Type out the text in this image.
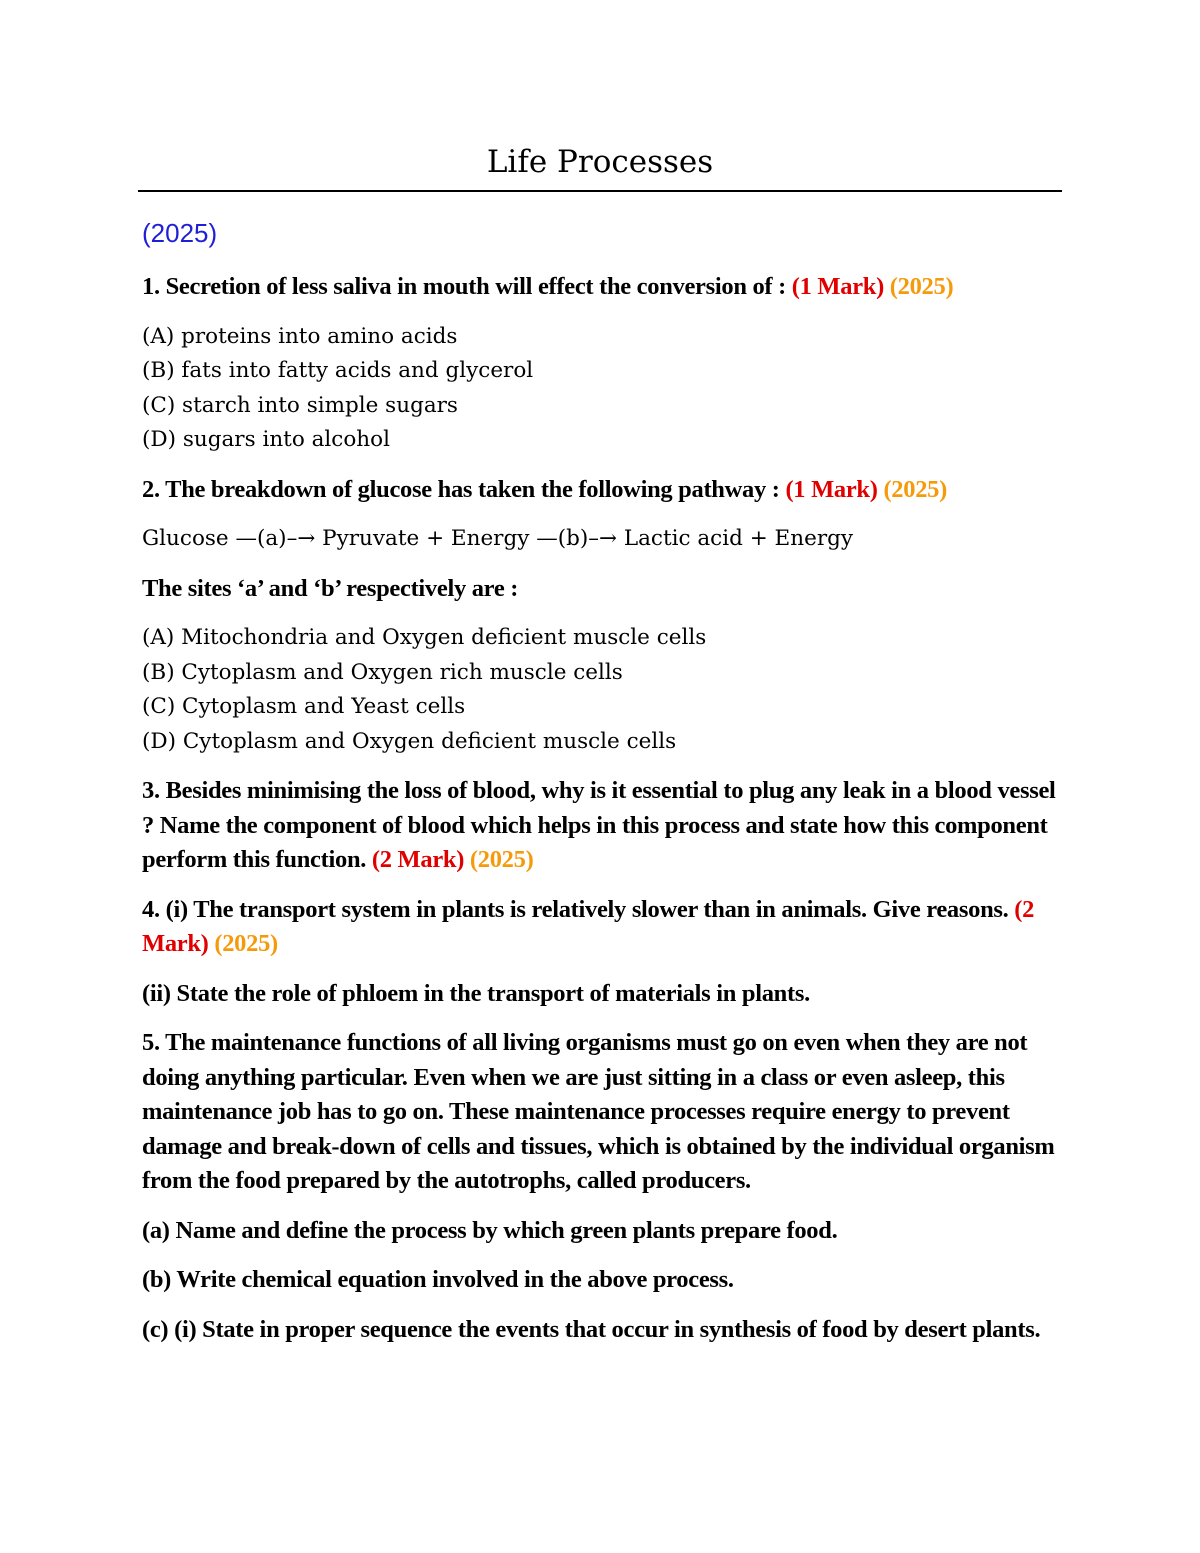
Life Processes
(2025)
1. Secretion of less saliva in mouth will effect the conversion of : (1 Mark) (2025)
(A) proteins into amino acids
(B) fats into fatty acids and glycerol
(C) starch into simple sugars
(D) sugars into alcohol
2. The breakdown of glucose has taken the following pathway : (1 Mark) (2025)
Glucose —(a)–→ Pyruvate + Energy —(b)–→ Lactic acid + Energy
The sites ‘a’ and ‘b’ respectively are :
(A) Mitochondria and Oxygen deficient muscle cells
(B) Cytoplasm and Oxygen rich muscle cells
(C) Cytoplasm and Yeast cells
(D) Cytoplasm and Oxygen deficient muscle cells
3. Besides minimising the loss of blood, why is it essential to plug any leak in a blood vessel ? Name the component of blood which helps in this process and state how this component perform this function. (2 Mark) (2025)
4. (i) The transport system in plants is relatively slower than in animals. Give reasons. (2 Mark) (2025)
(ii) State the role of phloem in the transport of materials in plants.
5. The maintenance functions of all living organisms must go on even when they are not doing anything particular. Even when we are just sitting in a class or even asleep, this maintenance job has to go on. These maintenance processes require energy to prevent damage and break-down of cells and tissues, which is obtained by the individual organism from the food prepared by the autotrophs, called producers.
(a) Name and define the process by which green plants prepare food.
(b) Write chemical equation involved in the above process.
(c) (i) State in proper sequence the events that occur in synthesis of food by desert plants.
